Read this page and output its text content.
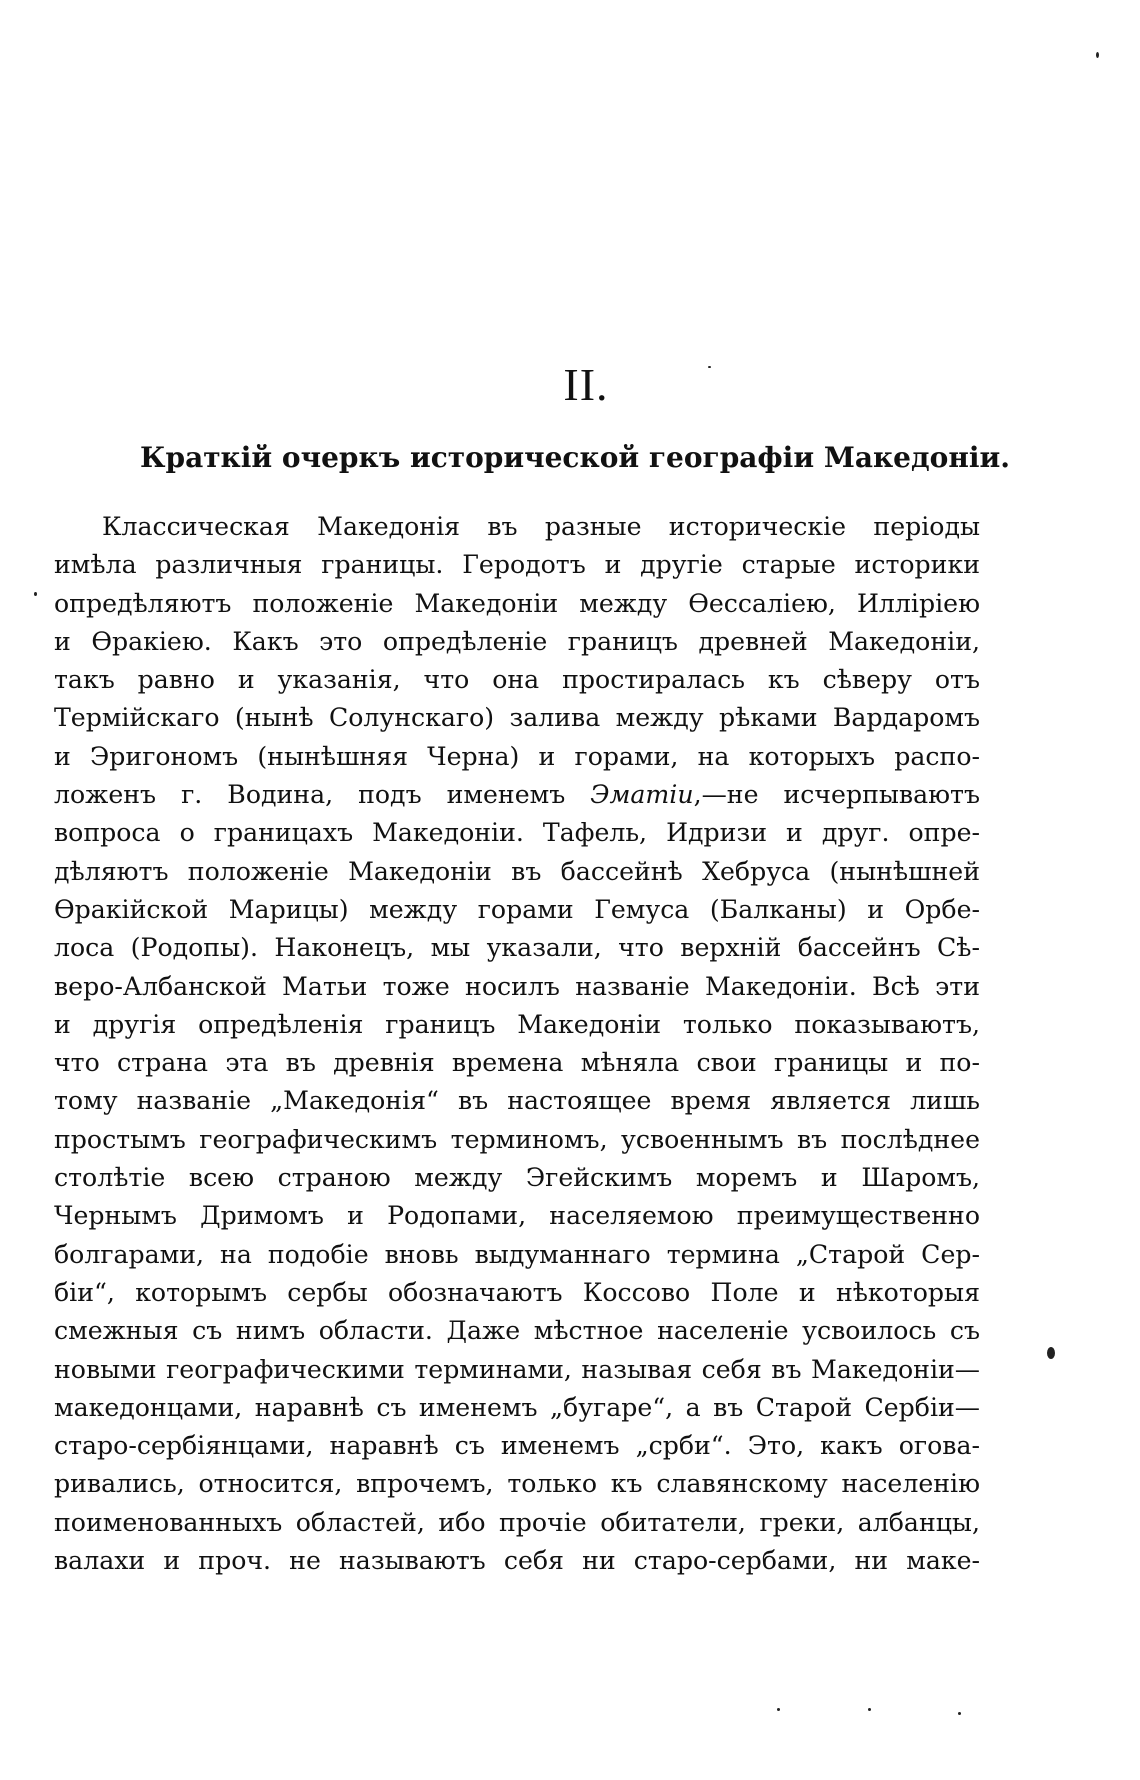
II.
Краткій очеркъ исторической географіи Македоніи.
Классическая Македонія въ разные историческіе періоды
имѣла различныя границы. Геродотъ и другіе старые историки
опредѣляютъ положеніе Македоніи между Ѳессаліею, Илліріею
и Ѳракіею. Какъ это опредѣленіе границъ древней Македоніи,
такъ равно и указанія, что она простиралась къ сѣверу отъ
Термійскаго (нынѣ Солунскаго) залива между рѣками Вардаромъ
и Эригономъ (нынѣшняя Черна) и горами, на которыхъ распо-
ложенъ г. Водина, подъ именемъ Эматіи,—не исчерпываютъ
вопроса о границахъ Македоніи. Тафель, Идризи и друг. опре-
дѣляютъ положеніе Македоніи въ бассейнѣ Хебруса (нынѣшней
Ѳракійской Марицы) между горами Гемуса (Балканы) и Орбе-
лоса (Родопы). Наконецъ, мы указали, что верхній бассейнъ Сѣ-
веро-Албанской Матьи тоже носилъ названіе Македоніи. Всѣ эти
и другія опредѣленія границъ Македоніи только показываютъ,
что страна эта въ древнія времена мѣняла свои границы и по-
тому названіе „Македонія“ въ настоящее время является лишь
простымъ географическимъ терминомъ, усвоеннымъ въ послѣднее
столѣтіе всею страною между Эгейскимъ моремъ и Шаромъ,
Чернымъ Дримомъ и Родопами, населяемою преимущественно
болгарами, на подобіе вновь выдуманнаго термина „Старой Сер-
біи“, которымъ сербы обозначаютъ Коссово Поле и нѣкоторыя
смежныя съ нимъ области. Даже мѣстное населеніе усвоилось съ
новыми географическими терминами, называя себя въ Македоніи—
македонцами, наравнѣ съ именемъ „бугаре“, а въ Старой Сербіи—
старо-сербіянцами, наравнѣ съ именемъ „срби“. Это, какъ огова-
ривались, относится, впрочемъ, только къ славянскому населенію
поименованныхъ областей, ибо прочіе обитатели, греки, албанцы,
валахи и проч. не называютъ себя ни старо-сербами, ни маке-
